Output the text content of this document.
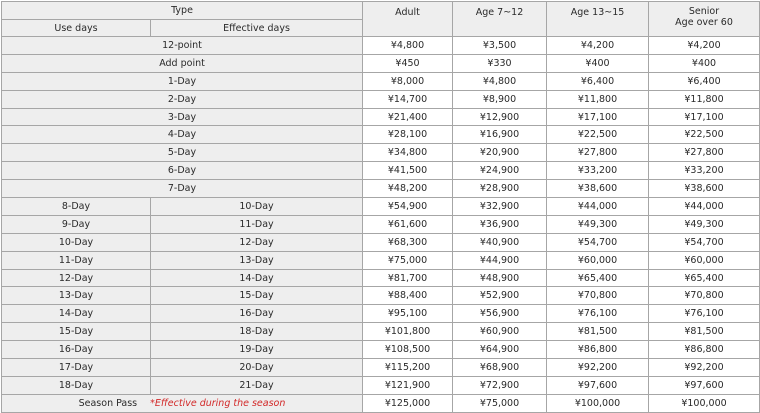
Type		Adult	Age 7~12	Age 13~15	Senior
Age over 60

Use days	Effective days				
12-point		¥4,800	¥3,500	¥4,200	¥4,200
Add point		¥450	¥330	¥400	¥400
1-Day		¥8,000	¥4,800	¥6,400	¥6,400
2-Day		¥14,700	¥8,900	¥11,800	¥11,800
3-Day		¥21,400	¥12,900	¥17,100	¥17,100
4-Day		¥28,100	¥16,900	¥22,500	¥22,500
5-Day		¥34,800	¥20,900	¥27,800	¥27,800
6-Day		¥41,500	¥24,900	¥33,200	¥33,200
7-Day		¥48,200	¥28,900	¥38,600	¥38,600
8-Day	10-Day	¥54,900	¥32,900	¥44,000	¥44,000
9-Day	11-Day	¥61,600	¥36,900	¥49,300	¥49,300
10-Day	12-Day	¥68,300	¥40,900	¥54,700	¥54,700
11-Day	13-Day	¥75,000	¥44,900	¥60,000	¥60,000
12-Day	14-Day	¥81,700	¥48,900	¥65,400	¥65,400
13-Day	15-Day	¥88,400	¥52,900	¥70,800	¥70,800
14-Day	16-Day	¥95,100	¥56,900	¥76,100	¥76,100
15-Day	18-Day	¥101,800	¥60,900	¥81,500	¥81,500
16-Day	19-Day	¥108,500	¥64,900	¥86,800	¥86,800
17-Day	20-Day	¥115,200	¥68,900	¥92,200	¥92,200
18-Day	21-Day	¥121,900	¥72,900	¥97,600	¥97,600
Season Pass *Effective during the season		¥125,000	¥75,000	¥100,000	¥100,000
